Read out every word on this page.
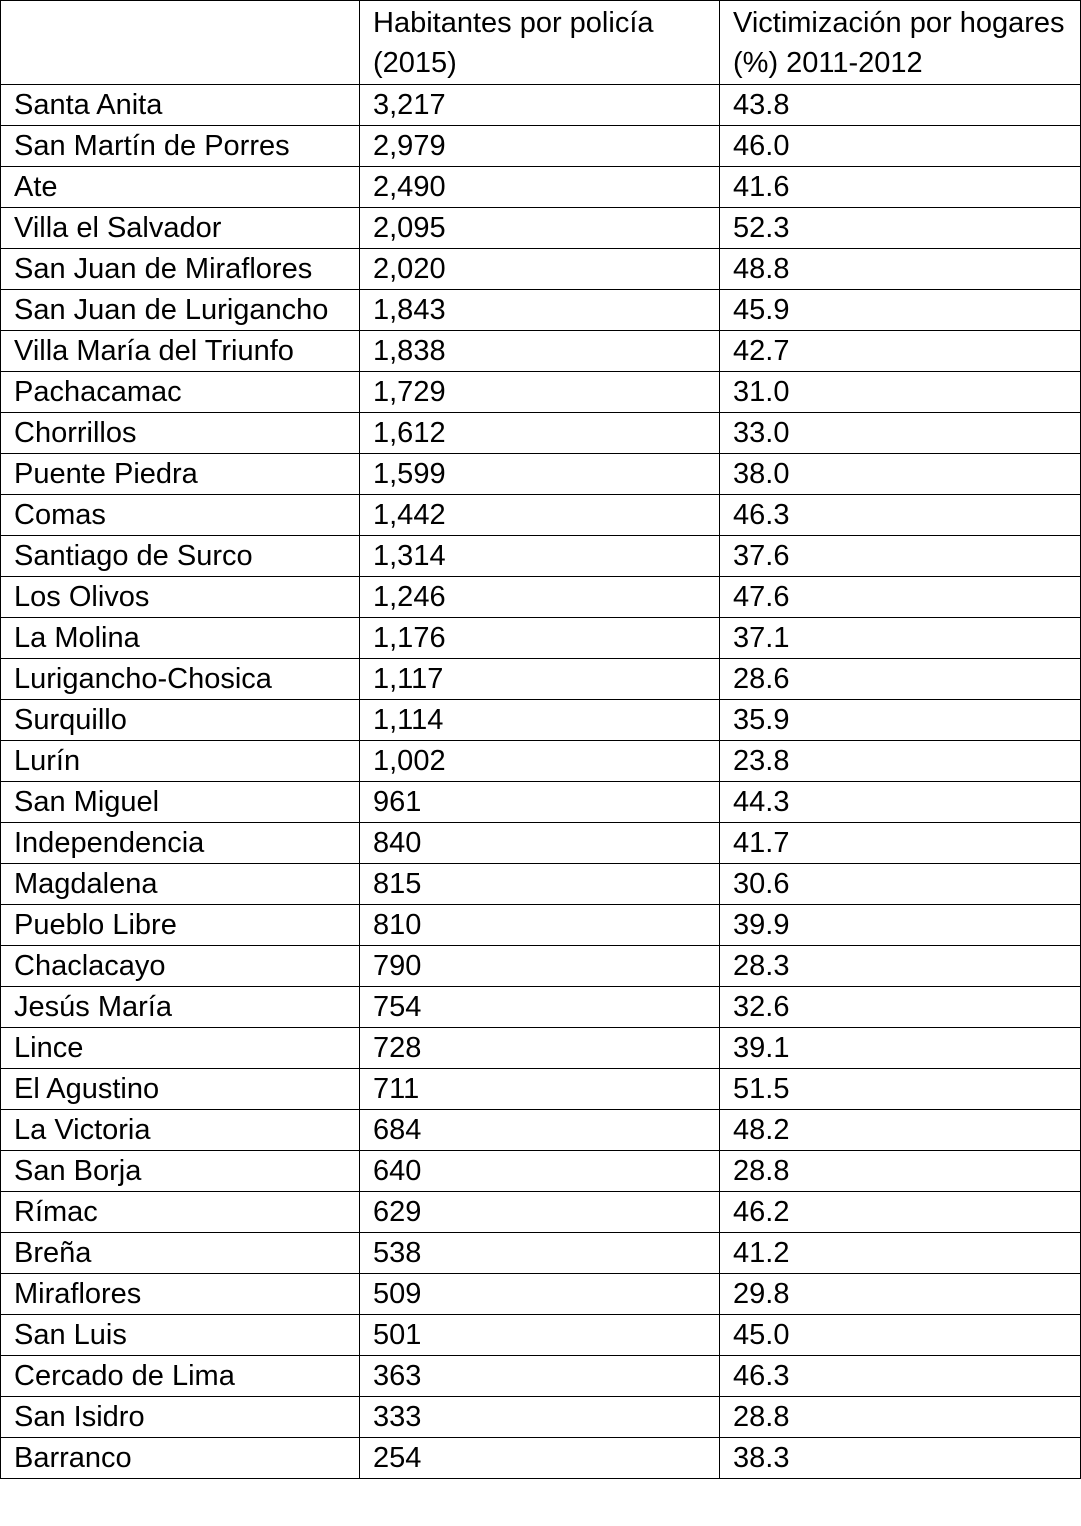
	Habitantes por policía (2015)	Victimización por hogares (%) 2011-2012
Santa Anita	3,217	43.8
San Martín de Porres	2,979	46.0
Ate	2,490	41.6
Villa el Salvador	2,095	52.3
San Juan de Miraflores	2,020	48.8
San Juan de Lurigancho	1,843	45.9
Villa María del Triunfo	1,838	42.7
Pachacamac	1,729	31.0
Chorrillos	1,612	33.0
Puente Piedra	1,599	38.0
Comas	1,442	46.3
Santiago de Surco	1,314	37.6
Los Olivos	1,246	47.6
La Molina	1,176	37.1
Lurigancho-Chosica	1,117	28.6
Surquillo	1,114	35.9
Lurín	1,002	23.8
San Miguel	961	44.3
Independencia	840	41.7
Magdalena	815	30.6
Pueblo Libre	810	39.9
Chaclacayo	790	28.3
Jesús María	754	32.6
Lince	728	39.1
El Agustino	711	51.5
La Victoria	684	48.2
San Borja	640	28.8
Rímac	629	46.2
Breña	538	41.2
Miraflores	509	29.8
San Luis	501	45.0
Cercado de Lima	363	46.3
San Isidro	333	28.8
Barranco	254	38.3
